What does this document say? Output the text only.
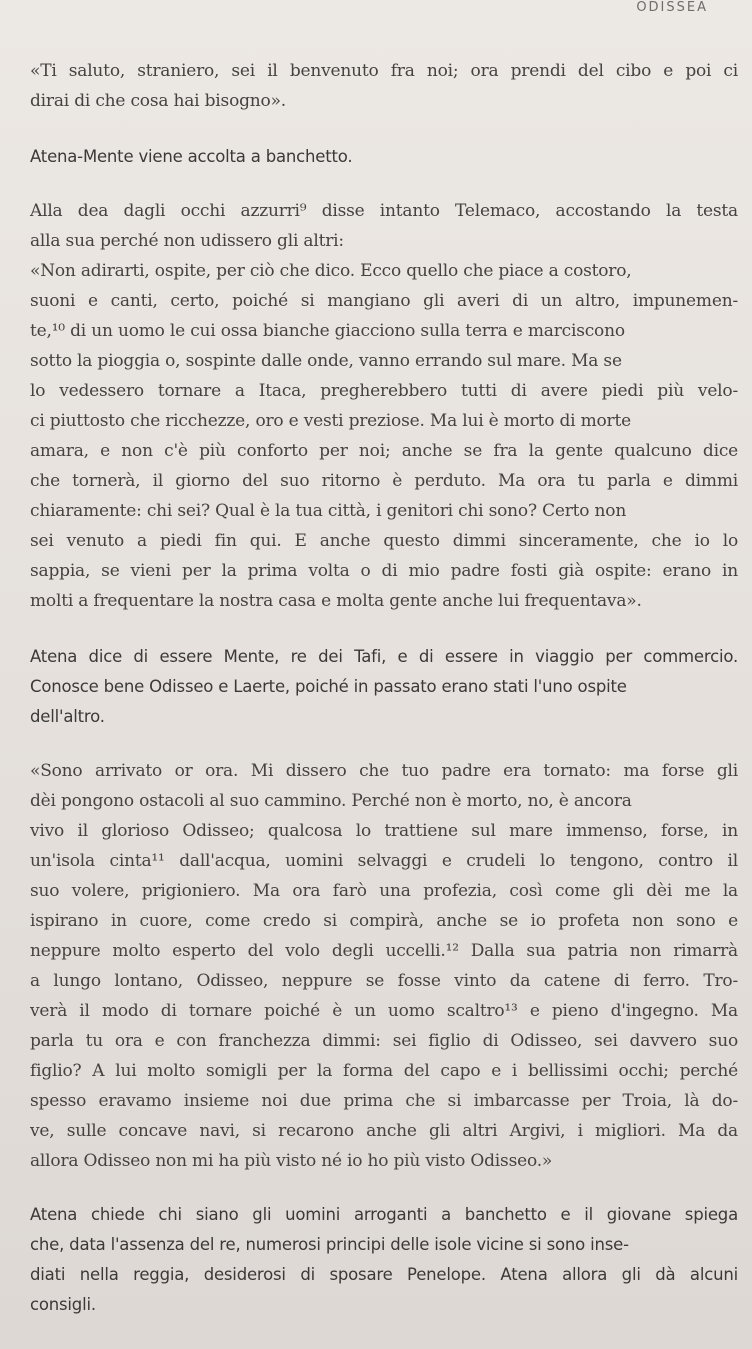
ODISSEA

«Ti saluto, straniero, sei il benvenuto fra noi; ora prendi del cibo e poi ci
dirai di che cosa hai bisogno».

Atena-Mente viene accolta a banchetto.

Alla dea dagli occhi azzurri⁹ disse intanto Telemaco, accostando la testa
alla sua perché non udissero gli altri:
«Non adirarti, ospite, per ciò che dico. Ecco quello che piace a costoro,
suoni e canti, certo, poiché si mangiano gli averi di un altro, impunemen-
te,¹⁰ di un uomo le cui ossa bianche giacciono sulla terra e marciscono
sotto la pioggia o, sospinte dalle onde, vanno errando sul mare. Ma se
lo vedessero tornare a Itaca, pregherebbero tutti di avere piedi più velo-
ci piuttosto che ricchezze, oro e vesti preziose. Ma lui è morto di morte
amara, e non c'è più conforto per noi; anche se fra la gente qualcuno dice
che tornerà, il giorno del suo ritorno è perduto. Ma ora tu parla e dimmi
chiaramente: chi sei? Qual è la tua città, i genitori chi sono? Certo non
sei venuto a piedi fin qui. E anche questo dimmi sinceramente, che io lo
sappia, se vieni per la prima volta o di mio padre fosti già ospite: erano in
molti a frequentare la nostra casa e molta gente anche lui frequentava».

Atena dice di essere Mente, re dei Tafi, e di essere in viaggio per commercio.
Conosce bene Odisseo e Laerte, poiché in passato erano stati l'uno ospite
dell'altro.

«Sono arrivato or ora. Mi dissero che tuo padre era tornato: ma forse gli
dèi pongono ostacoli al suo cammino. Perché non è morto, no, è ancora
vivo il glorioso Odisseo; qualcosa lo trattiene sul mare immenso, forse, in
un'isola cinta¹¹ dall'acqua, uomini selvaggi e crudeli lo tengono, contro il
suo volere, prigioniero. Ma ora farò una profezia, così come gli dèi me la
ispirano in cuore, come credo si compirà, anche se io profeta non sono e
neppure molto esperto del volo degli uccelli.¹² Dalla sua patria non rimarrà
a lungo lontano, Odisseo, neppure se fosse vinto da catene di ferro. Tro-
verà il modo di tornare poiché è un uomo scaltro¹³ e pieno d'ingegno. Ma
parla tu ora e con franchezza dimmi: sei figlio di Odisseo, sei davvero suo
figlio? A lui molto somigli per la forma del capo e i bellissimi occhi; perché
spesso eravamo insieme noi due prima che si imbarcasse per Troia, là do-
ve, sulle concave navi, si recarono anche gli altri Argivi, i migliori. Ma da
allora Odisseo non mi ha più visto né io ho più visto Odisseo.»

Atena chiede chi siano gli uomini arroganti a banchetto e il giovane spiega
che, data l'assenza del re, numerosi principi delle isole vicine si sono inse-
diati nella reggia, desiderosi di sposare Penelope. Atena allora gli dà alcuni
consigli.
